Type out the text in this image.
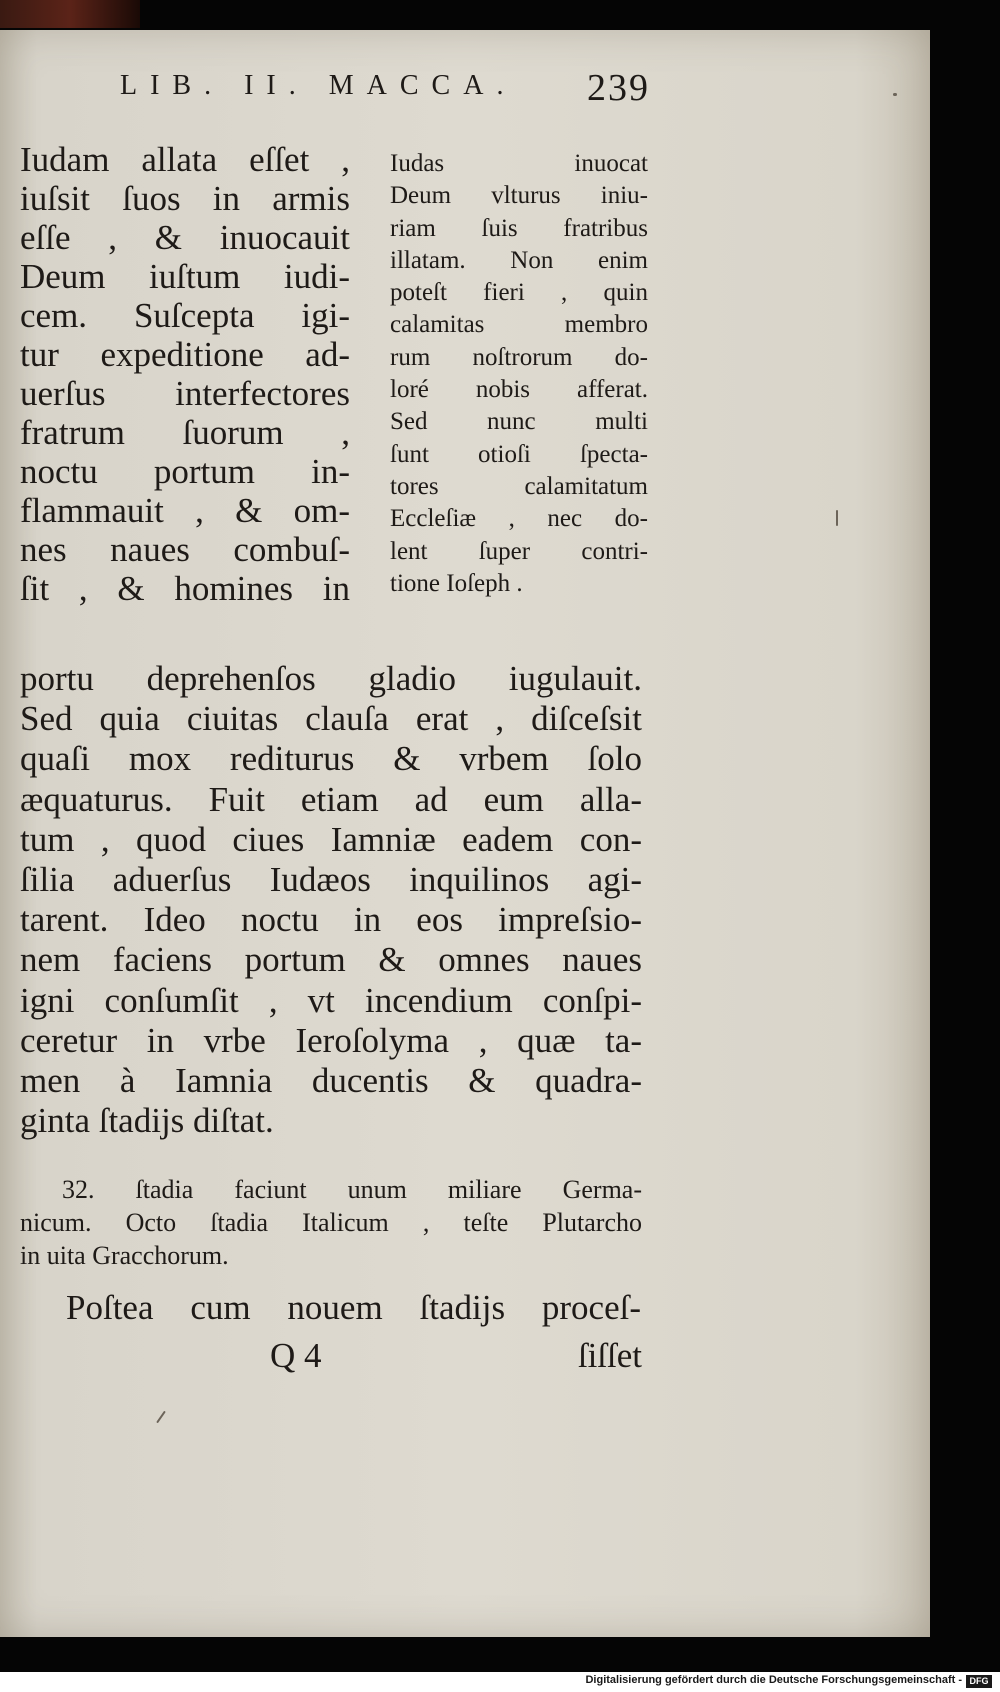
LIB. II. MACCA. 239
Iudam allata eſſet ,
iuſsit ſuos in armis
eſſe , & inuocauit
Deum iuſtum iudi-
cem. Suſcepta igi-
tur expeditione ad-
uerſus interfectores
fratrum ſuorum ,
noctu portum in-
flammauit , & om-
nes naues combuſ-
ſit , & homines in
Iudas inuocat
Deum vlturus iniu-
riam ſuis fratribus
illatam. Non enim
poteſt fieri , quin
calamitas membro
rum noſtrorum do-
loré nobis afferat.
Sed nunc multi
ſunt otioſi ſpecta-
tores calamitatum
Eccleſiæ , nec do-
lent ſuper contri-
tione Ioſeph .
portu deprehenſos gladio iugulauit.
Sed quia ciuitas clauſa erat , diſceſsit
quaſi mox rediturus & vrbem ſolo
æquaturus. Fuit etiam ad eum alla-
tum , quod ciues Iamniæ eadem con-
ſilia aduerſus Iudæos inquilinos agi-
tarent. Ideo noctu in eos impreſsio-
nem faciens portum & omnes naues
igni conſumſit , vt incendium conſpi-
ceretur in vrbe Ieroſolyma , quæ ta-
men à Iamnia ducentis & quadra-
ginta ſtadijs diſtat.
32. ſtadia faciunt unum miliare Germa-
nicum. Octo ſtadia Italicum , teſte Plutarcho
in uita Gracchorum.
Poſtea cum nouem ſtadijs proceſ-
Q 4	ſiſſet
Digitalisierung gefördert durch die Deutsche Forschungsgemeinschaft - DFG
